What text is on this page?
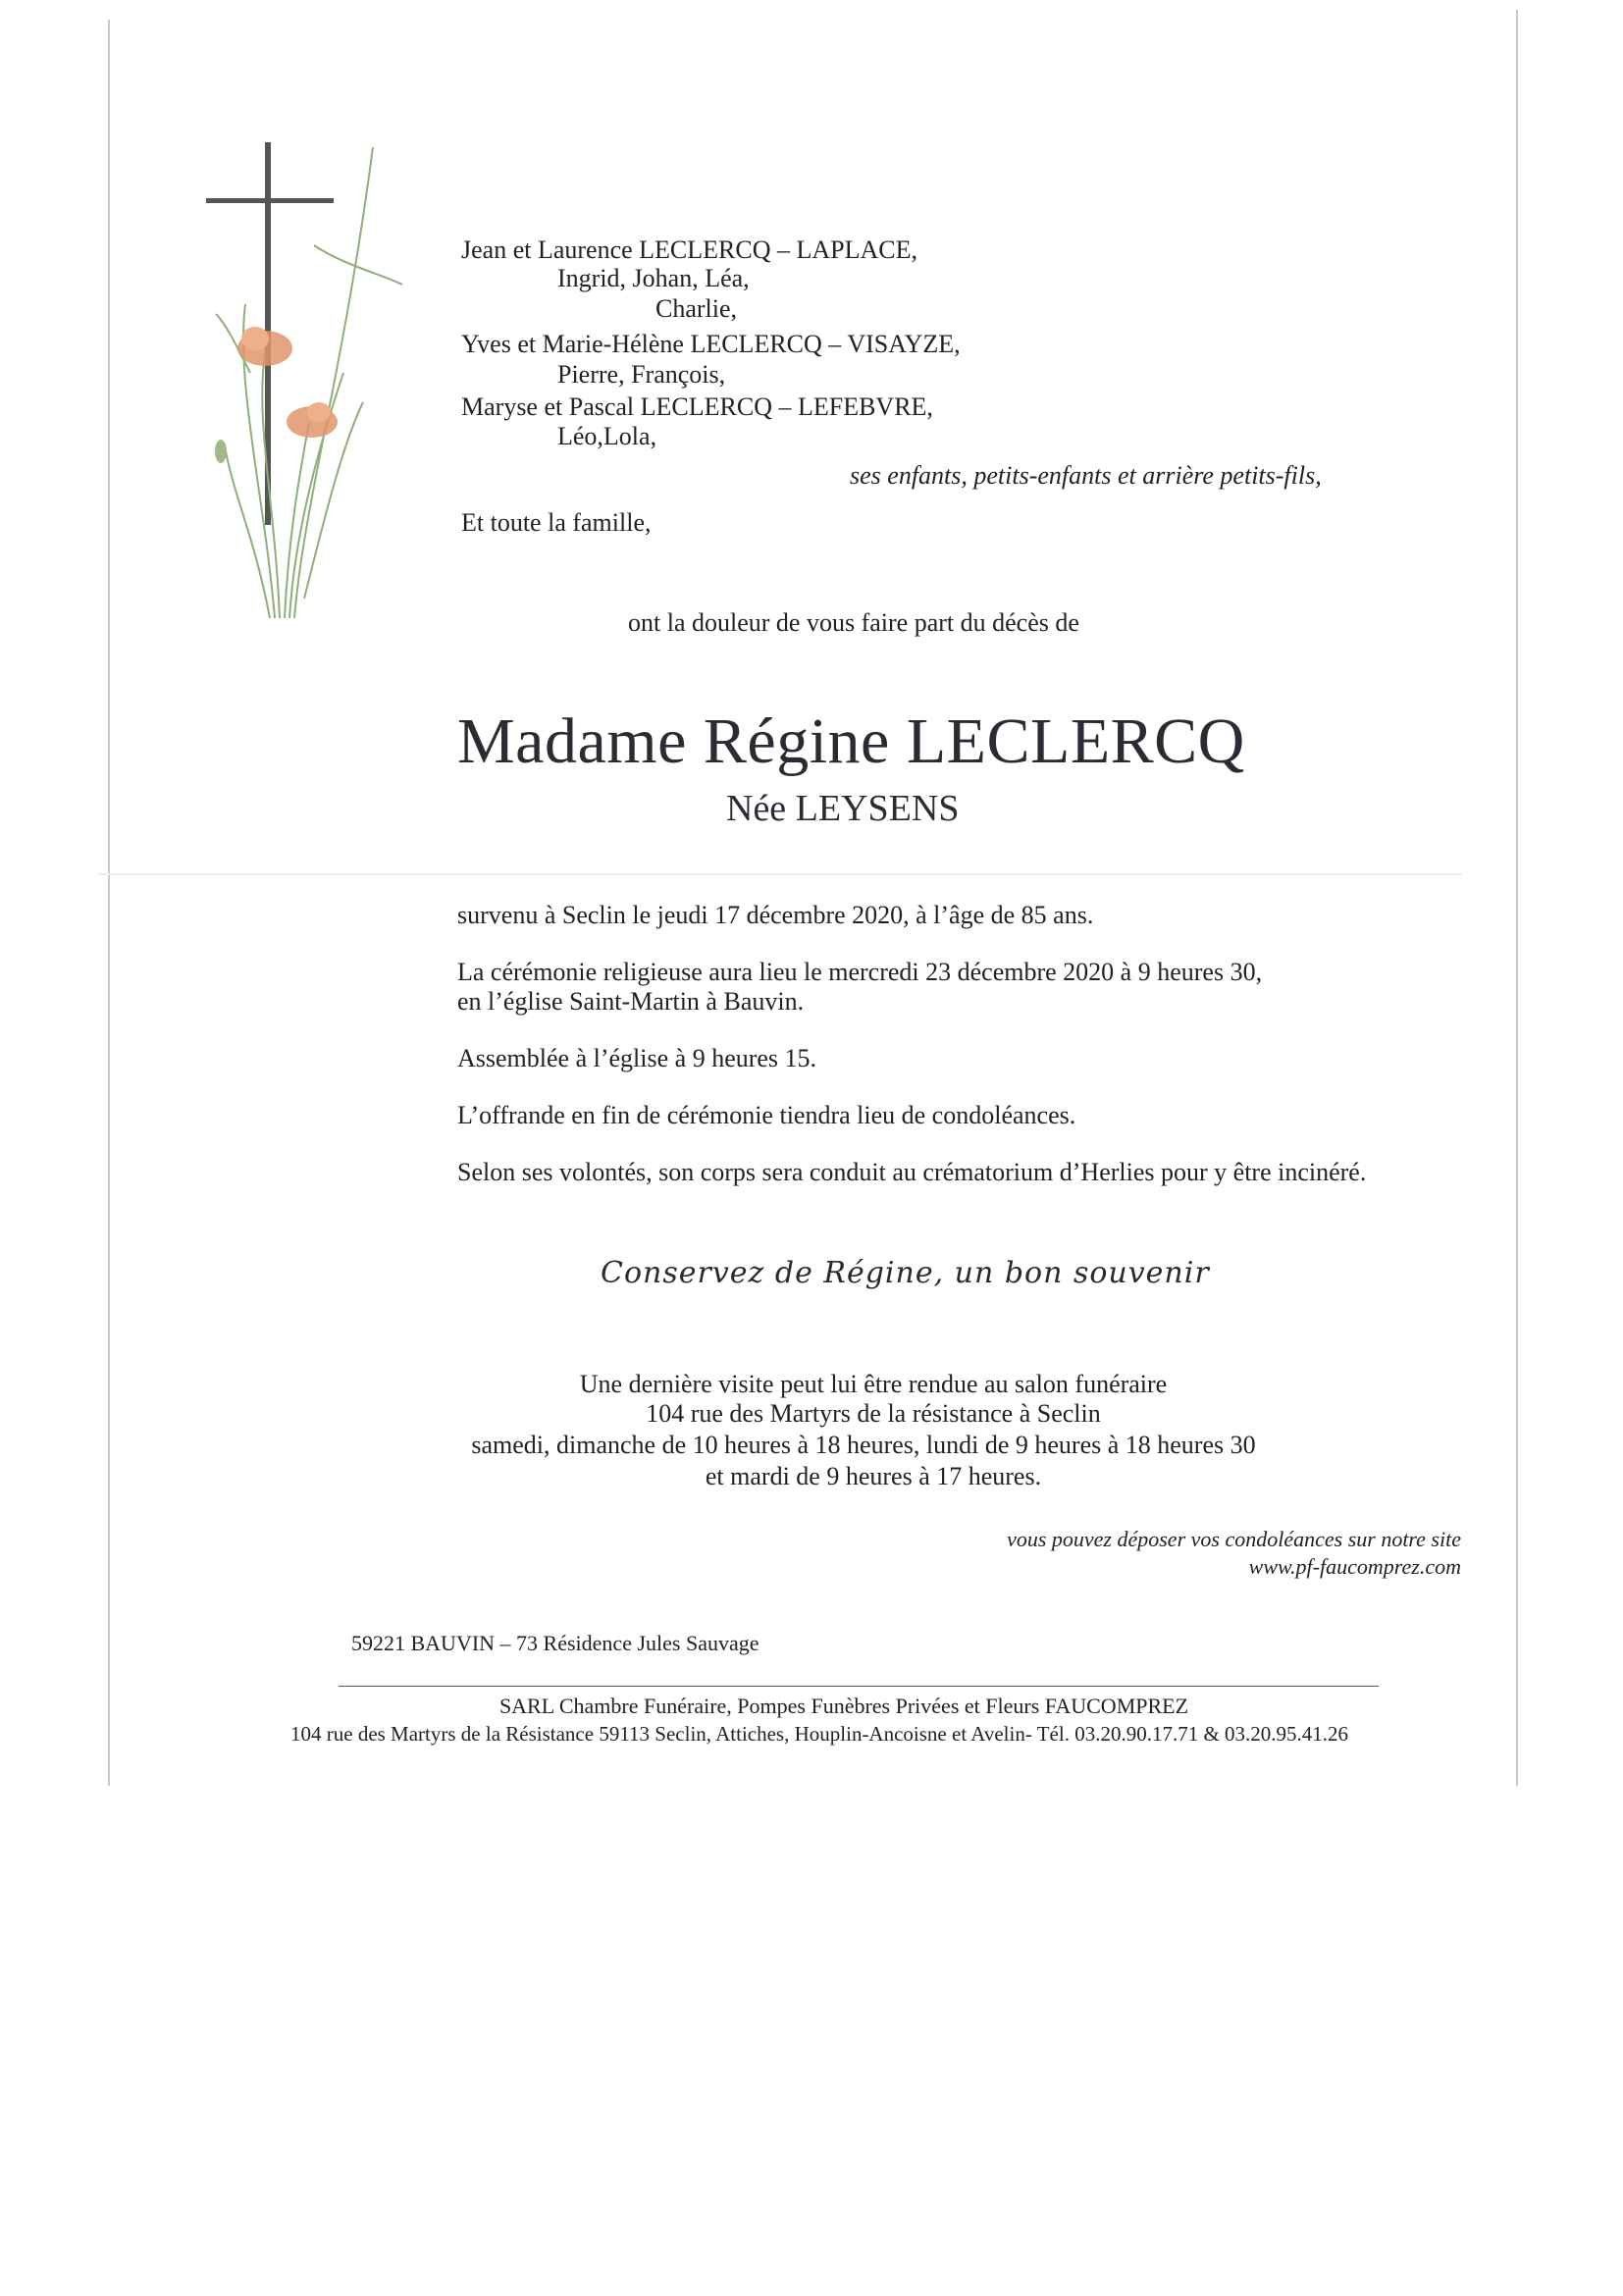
Jean et Laurence LECLERCQ – LAPLACE,
Ingrid, Johan, Léa,
Charlie,
Yves et Marie-Hélène LECLERCQ – VISAYZE,
Pierre, François,
Maryse et Pascal LECLERCQ – LEFEBVRE,
Léo,Lola,
ses enfants, petits-enfants et arrière petits-fils,
Et toute la famille,
ont la douleur de vous faire part du décès de
Madame Régine LECLERCQ
Née LEYSENS
survenu à Seclin le jeudi 17 décembre 2020, à l’âge de 85 ans.
La cérémonie religieuse aura lieu le mercredi 23 décembre 2020 à 9 heures 30,
en l’église Saint-Martin à Bauvin.
Assemblée à l’église à 9 heures 15.
L’offrande en fin de cérémonie tiendra lieu de condoléances.
Selon ses volontés, son corps sera conduit au crématorium d’Herlies pour y être incinéré.
Conservez de Régine, un bon souvenir
Une dernière visite peut lui être rendue au salon funéraire
104 rue des Martyrs de la résistance à Seclin
samedi, dimanche de 10 heures à 18 heures, lundi de 9 heures à 18 heures 30
et mardi de 9 heures à 17 heures.
vous pouvez déposer vos condoléances sur notre site
www.pf-faucomprez.com
59221 BAUVIN – 73 Résidence Jules Sauvage
SARL Chambre Funéraire, Pompes Funèbres Privées et Fleurs FAUCOMPREZ
104 rue des Martyrs de la Résistance 59113 Seclin, Attiches, Houplin-Ancoisne et Avelin- Tél. 03.20.90.17.71 & 03.20.95.41.26
